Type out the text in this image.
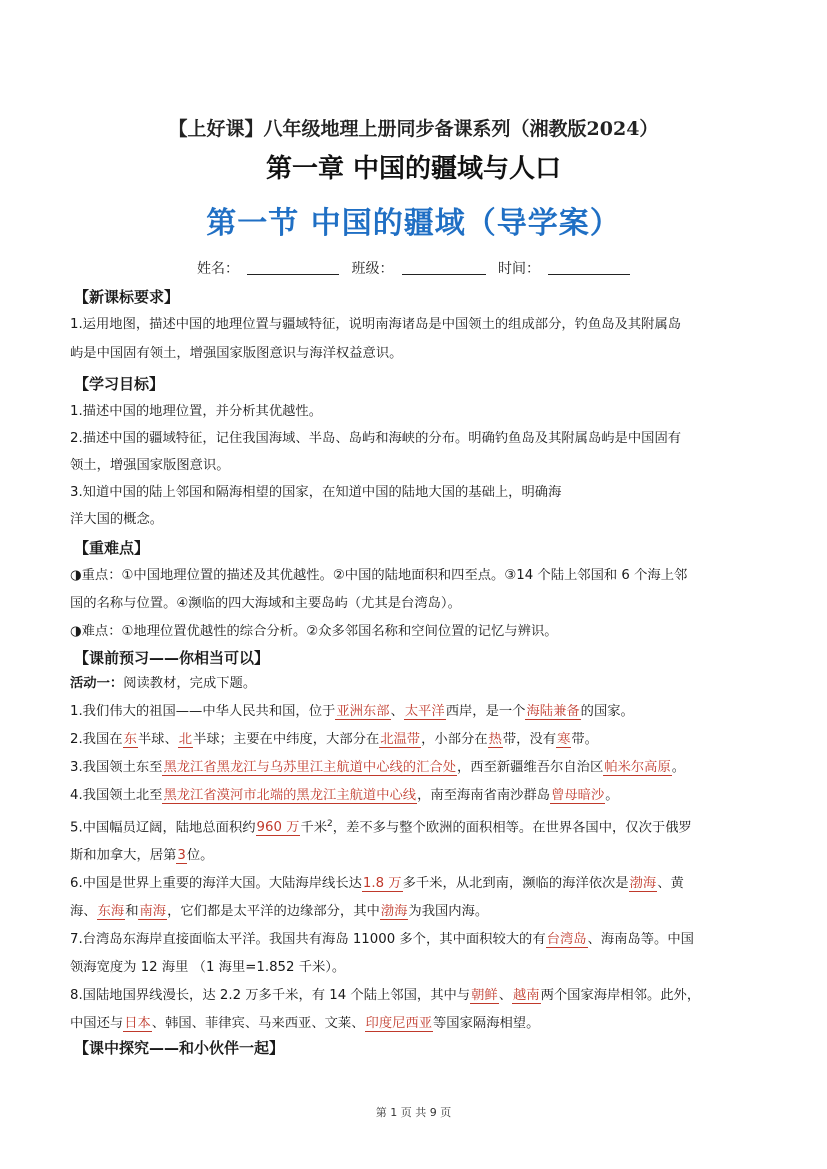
【上好课】八年级地理上册同步备课系列（湘教版2024）
第一章 中国的疆域与人口
第一节 中国的疆域（导学案）
姓名：	班级：	时间：
【新课标要求】
1.运用地图，描述中国的地理位置与疆域特征，说明南海诸岛是中国领土的组成部分，钓鱼岛及其附属岛
屿是中国固有领土，增强国家版图意识与海洋权益意识。
【学习目标】
1.描述中国的地理位置，并分析其优越性。
2.描述中国的疆域特征，记住我国海域、半岛、岛屿和海峡的分布。明确钓鱼岛及其附属岛屿是中国固有
领土，增强国家版图意识。
3.知道中国的陆上邻国和隔海相望的国家，在知道中国的陆地大国的基础上，明确海
洋大国的概念。
【重难点】
◑重点：①中国地理位置的描述及其优越性。②中国的陆地面积和四至点。③14 个陆上邻国和 6 个海上邻
国的名称与位置。④濒临的四大海域和主要岛屿（尤其是台湾岛）。
◑难点：①地理位置优越性的综合分析。②众多邻国名称和空间位置的记忆与辨识。
【课前预习——你相当可以】
活动一：阅读教材，完成下题。
1.我们伟大的祖国——中华人民共和国，位于亚洲东部、太平洋西岸，是一个海陆兼备的国家。
2.我国在东半球、北半球；主要在中纬度，大部分在北温带，小部分在热带，没有寒带。
3.我国领土东至黑龙江省黑龙江与乌苏里江主航道中心线的汇合处，西至新疆维吾尔自治区帕米尔高原。
4.我国领土北至黑龙江省漠河市北端的黑龙江主航道中心线，南至海南省南沙群岛曾母暗沙。
5.中国幅员辽阔，陆地总面积约960 万千米$^2$，差不多与整个欧洲的面积相等。在世界各国中，仅次于俄罗
斯和加拿大，居第3位。
6.中国是世界上重要的海洋大国。大陆海岸线长达1.8 万多千米，从北到南，濒临的海洋依次是渤海、黄
海、东海和南海，它们都是太平洋的边缘部分，其中渤海为我国内海。
7.台湾岛东海岸直接面临太平洋。我国共有海岛 11000 多个，其中面积较大的有台湾岛、海南岛等。中国
领海宽度为 12 海里 （1 海里=1.852 千米）。
8.国陆地国界线漫长，达 2.2 万多千米，有 14 个陆上邻国，其中与朝鲜、越南两个国家海岸相邻。此外，
中国还与日本、韩国、菲律宾、马来西亚、文莱、印度尼西亚等国家隔海相望。
【课中探究——和小伙伴一起】
第 1 页 共 9 页
